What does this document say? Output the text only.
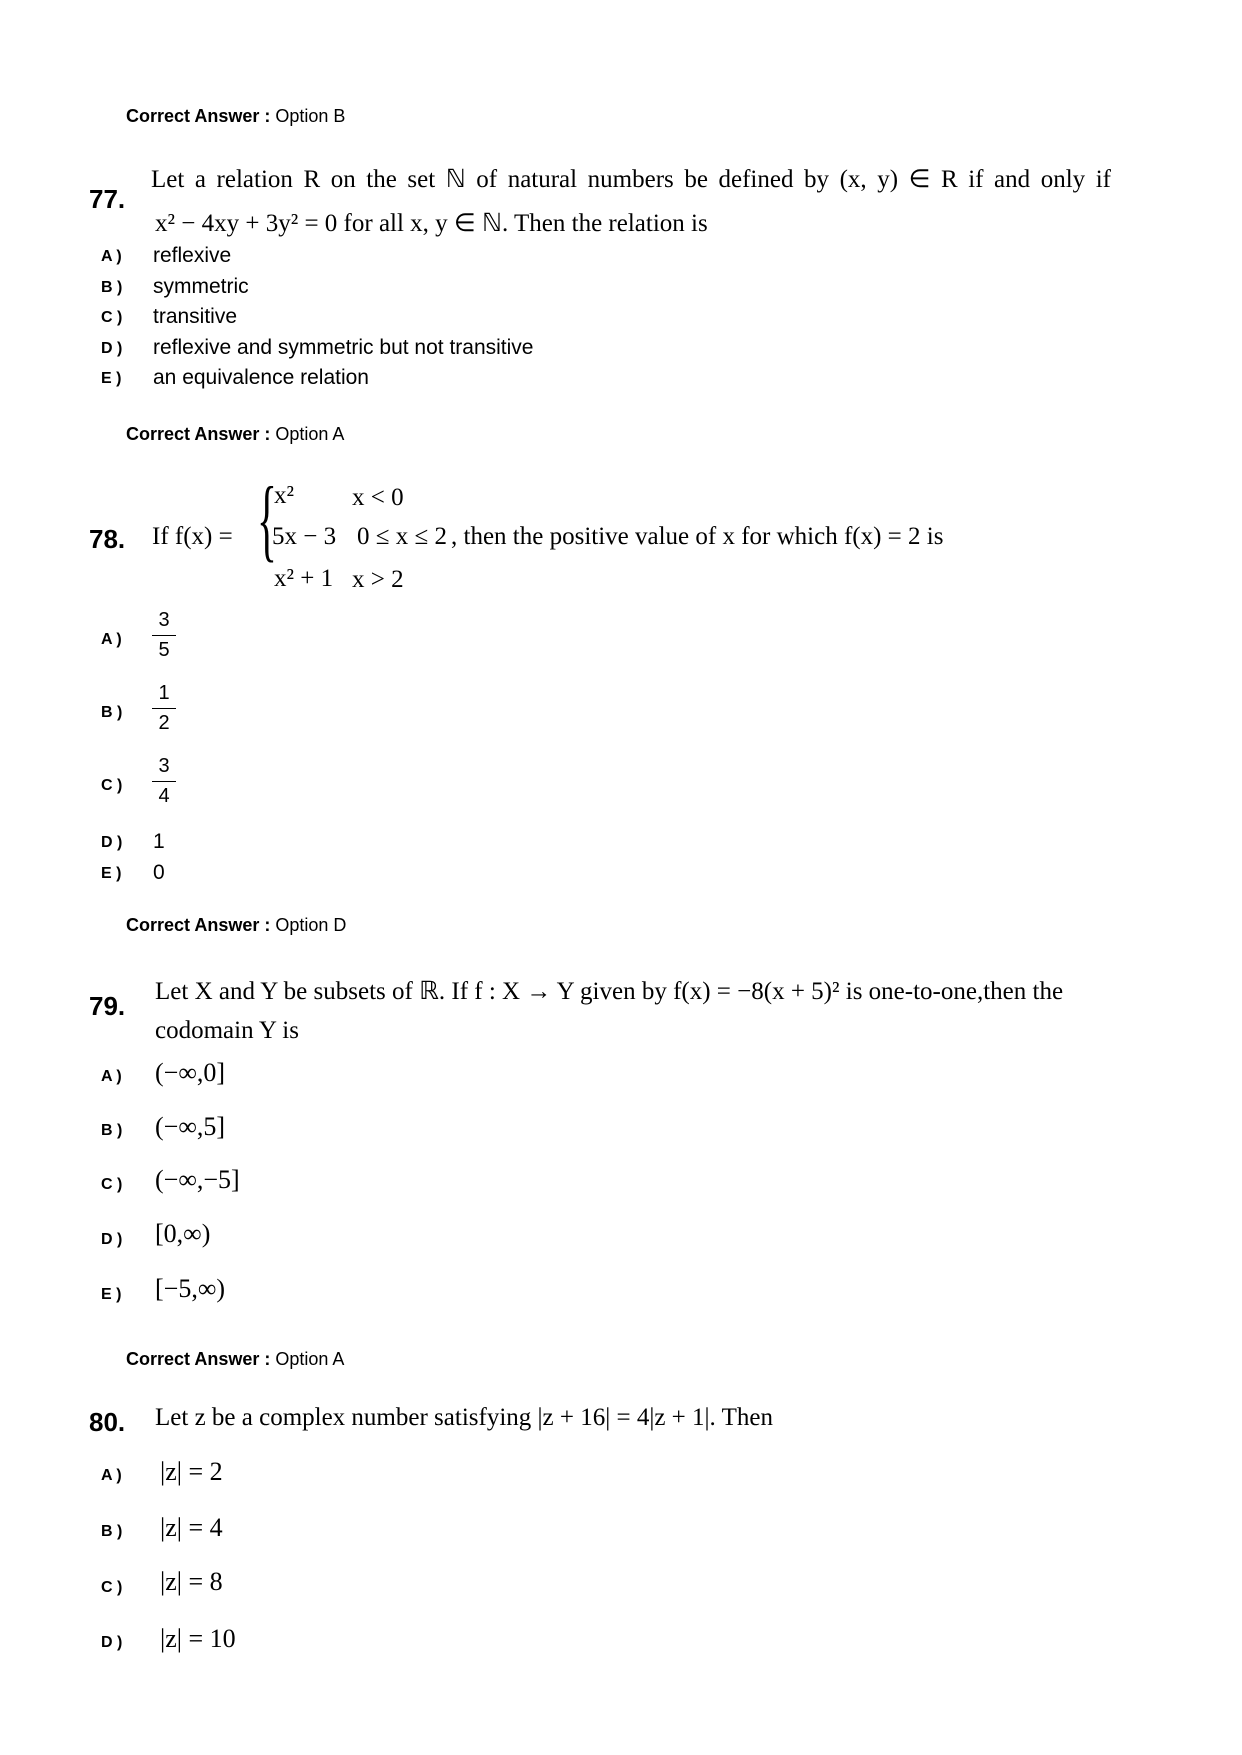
Correct Answer : Option B
77.
Let a relation R on the set ℕ of natural numbers be defined by (x, y) ∈ R if and only if
x² − 4xy + 3y² = 0 for all x, y ∈ ℕ. Then the relation is
A ) reflexive
B ) symmetric
C ) transitive
D ) reflexive and symmetric but not transitive
E ) an equivalence relation
Correct Answer : Option A
78. If f(x) = {
x² x < 0
5x − 3 0 ≤ x ≤ 2
x² + 1 x > 2
, then the positive value of x for which f(x) = 2 is
A )
3
5
B )
1
2
C )
3
4
D ) 1
E ) 0
Correct Answer : Option D
79. Let X and Y be subsets of ℝ. If f : X → Y given by f(x) = −8(x + 5)² is one-to-one,then the
codomain Y is
A ) (−∞,0]
B ) (−∞,5]
C ) (−∞,−5]
D ) [0,∞)
E ) [−5,∞)
Correct Answer : Option A
80. Let z be a complex number satisfying |z + 16| = 4|z + 1|. Then
A ) |z| = 2
B ) |z| = 4
C ) |z| = 8
D ) |z| = 10
